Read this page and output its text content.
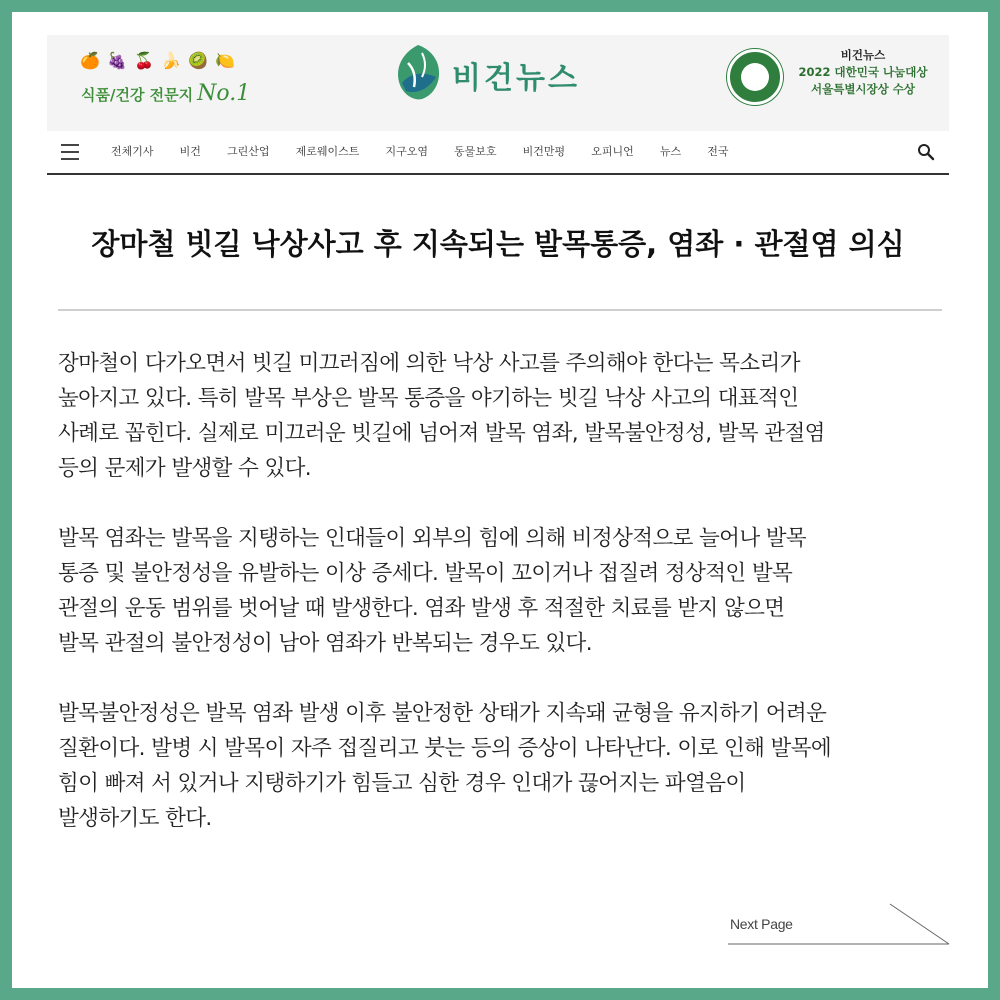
🍊 🍇 🍒 🍌 🥝 🍋
식품/건강 전문지 No.1	비건뉴스
비건뉴스
2022 대한민국 나눔대상
서울특별시장상 수상
전체기사 비건 그린산업 제로웨이스트 지구오염 동물보호 비건만평 오피니언 뉴스 전국
장마철 빗길 낙상사고 후 지속되는 발목통증, 염좌 · 관절염 의심

장마철이 다가오면서 빗길 미끄러짐에 의한 낙상 사고를 주의해야 한다는 목소리가
높아지고 있다. 특히 발목 부상은 발목 통증을 야기하는 빗길 낙상 사고의 대표적인
사례로 꼽힌다. 실제로 미끄러운 빗길에 넘어져 발목 염좌, 발목불안정성, 발목 관절염
등의 문제가 발생할 수 있다.

발목 염좌는 발목을 지탱하는 인대들이 외부의 힘에 의해 비정상적으로 늘어나 발목
통증 및 불안정성을 유발하는 이상 증세다. 발목이 꼬이거나 접질려 정상적인 발목
관절의 운동 범위를 벗어날 때 발생한다. 염좌 발생 후 적절한 치료를 받지 않으면
발목 관절의 불안정성이 남아 염좌가 반복되는 경우도 있다.

발목불안정성은 발목 염좌 발생 이후 불안정한 상태가 지속돼 균형을 유지하기 어려운
질환이다. 발병 시 발목이 자주 접질리고 붓는 등의 증상이 나타난다. 이로 인해 발목에
힘이 빠져 서 있거나 지탱하기가 힘들고 심한 경우 인대가 끊어지는 파열음이
발생하기도 한다.

Next Page
